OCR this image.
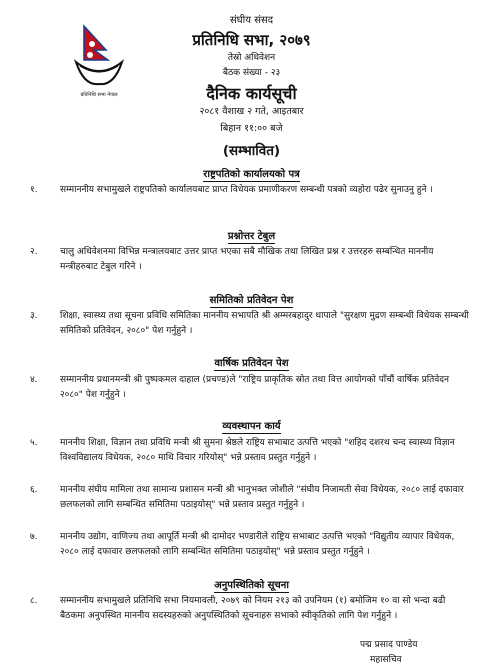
प्रतिनिधि सभा नेपाल
संघीय संसद
प्रतिनिधि सभा, २०७९
तेस्रो अधिवेशन
बैठक संख्या - २३
दैनिक कार्यसूची
२०८१ वैशाख २ गते, आइतबार
बिहान ११:०० बजे
(सम्भावित)
राष्ट्रपतिको कार्यालयको पत्र
१. सम्माननीय सभामुखले राष्ट्रपतिको कार्यालयबाट प्राप्त विधेयक प्रमाणीकरण सम्बन्धी पत्रको व्यहोरा पढेर सुनाउनु हुने ।
प्रश्नोत्तर टेबुल
२. चालु अधिवेशनमा विभिन्न मन्त्रालयबाट उत्तर प्राप्त भएका सबै मौखिक तथा लिखित प्रश्न र उत्तरहरु सम्बन्धित माननीय मन्त्रीहरुबाट टेबुल गरिने ।
समितिको प्रतिवेदन पेश
३. शिक्षा, स्वास्थ्य तथा सूचना प्रविधि समितिका माननीय सभापति श्री अम्मरबहादुर थापाले "सुरक्षण मुद्रण सम्बन्धी विधेयक सम्बन्धी समितिको प्रतिवेदन, २०८०" पेश गर्नुहुने ।
वार्षिक प्रतिवेदन पेश
४. सम्माननीय प्रधानमन्त्री श्री पुष्पकमल दाहाल (प्रचण्ड)ले "राष्ट्रिय प्राकृतिक स्रोत तथा वित्त आयोगको पाँचौं वार्षिक प्रतिवेदन २०८०" पेश गर्नुहुने ।
व्यवस्थापन कार्य
५. माननीय शिक्षा, विज्ञान तथा प्रविधि मन्त्री श्री सुमना श्रेष्ठले राष्ट्रिय सभाबाट उत्पत्ति भएको "शहिद दशरथ चन्द स्वास्थ्य विज्ञान विश्वविद्यालय विधेयक, २०८० माथि विचार गरियोस्" भन्ने प्रस्ताव प्रस्तुत गर्नुहुने ।
६. माननीय संघीय मामिला तथा सामान्य प्रशासन मन्त्री श्री भानुभक्त जोशीले "संघीय निजामती सेवा विधेयक, २०८० लाई दफावार छलफलको लागि सम्बन्धित समितिमा पठाइयोस्" भन्ने प्रस्ताव प्रस्तुत गर्नुहुने ।
७. माननीय उद्योग, वाणिज्य तथा आपूर्ति मन्त्री श्री दामोदर भण्डारीले राष्ट्रिय सभाबाट उत्पत्ति भएको "विद्युतीय व्यापार विधेयक, २०८० लाई दफावार छलफलको लागि सम्बन्धित समितिमा पठाइयोस्" भन्ने प्रस्ताव प्रस्तुत गर्नुहुने ।
अनुपस्थितिको सूचना
८. सम्माननीय सभामुखले प्रतिनिधि सभा नियमावली, २०७९ को नियम २१३ को उपनियम (१) बमोजिम १० वा सो भन्दा बढी बैठकमा अनुपस्थित माननीय सदस्यहरुको अनुपस्थितिको सूचनाहरु सभाको स्वीकृतिको लागि पेश गर्नुहुने ।
पद्म प्रसाद पाण्डेय
महासचिव
